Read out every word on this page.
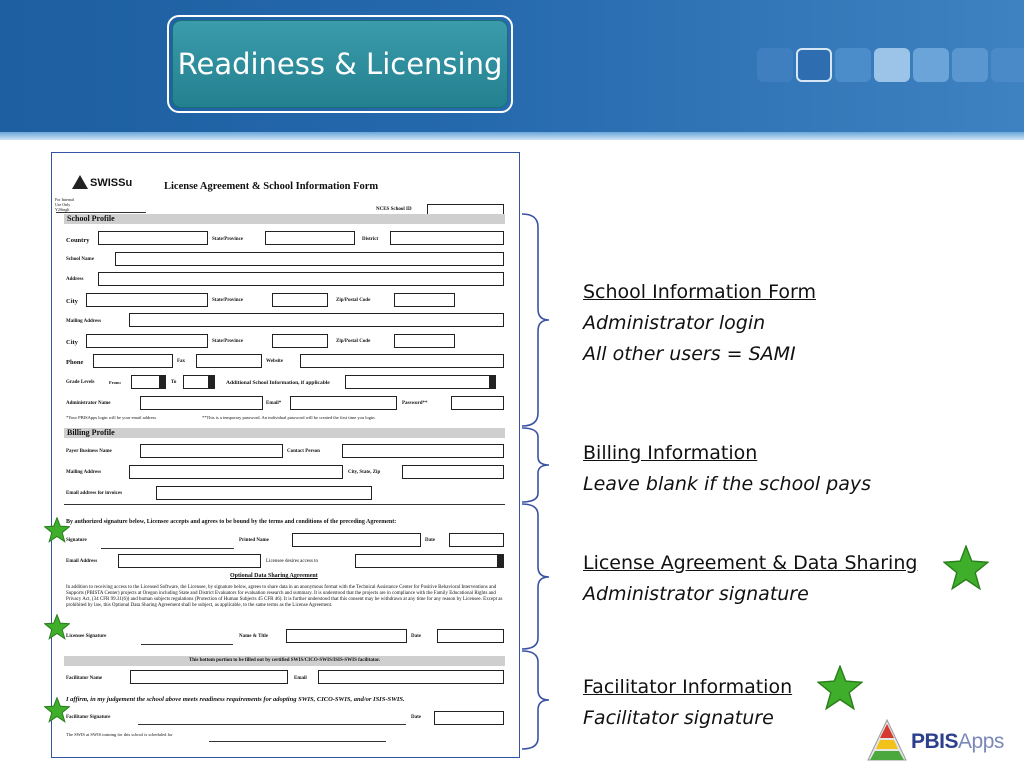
Readiness & Licensing
SWISSu
For Internal
Use Only
Y2Singlt
License Agreement & School Information Form
NCES School ID
School Profile
Country	State/Province	District
School Name
Address
City	State/Province	Zip/Postal Code
Mailing Address
City	State/Province	Zip/Postal Code
Phone	Fax	Website
Grade Levels	From:	To	Additional School Information, if applicable
Administrator Name	Email*	Password**
*Your PBISApps login will be your email address	**This is a temporary password. An individual password will be created the first time you login.
Billing Profile
Payer Business Name	Contact Person
Mailing Address	City, State, Zip
Email address for invoices
By authorized signature below, Licensee accepts and agrees to be bound by the terms and conditions of the preceding Agreement:
Signature	Printed Name	Date
Email Address	Licensee desires access to
Optional Data Sharing Agreement
In addition to receiving access to the Licensed Software, the Licensee, by signature below, agrees to share data in an anonymous format with the Technical Assistance Center for Positive Behavioral Interventions and Supports (PBISTA Center) projects at Oregon including State and District Evaluators for evaluation research and summary. It is understood that the projects are in compliance with the Family Educational Rights and Privacy Act, (34 CFR 99.31(6)) and human subjects regulations (Protection of Human Subjects 45 CFR 46). It is further understood that this consent may be withdrawn at any time for any reason by Licensee. Except as prohibited by law, this Optional Data Sharing Agreement shall be subject, as applicable, to the same terms as the License Agreement.
Licensee Signature	Name & Title	Date
This bottom portion to be filled out by certified SWIS/CICO-SWIS/ISIS-SWIS facilitator.
Facilitator Name	Email
I affirm, in my judgement the school above meets readiness requirements for adopting SWIS, CICO-SWIS, and/or ISIS-SWIS.
Facilitator Signature	Date
The SWIS at SWIS training for this school is scheduled for
School Information Form
Administrator login
All other users = SAMI
Billing Information
Leave blank if the school pays
License Agreement & Data Sharing
Administrator signature
Facilitator Information
Facilitator signature
PBISApps
